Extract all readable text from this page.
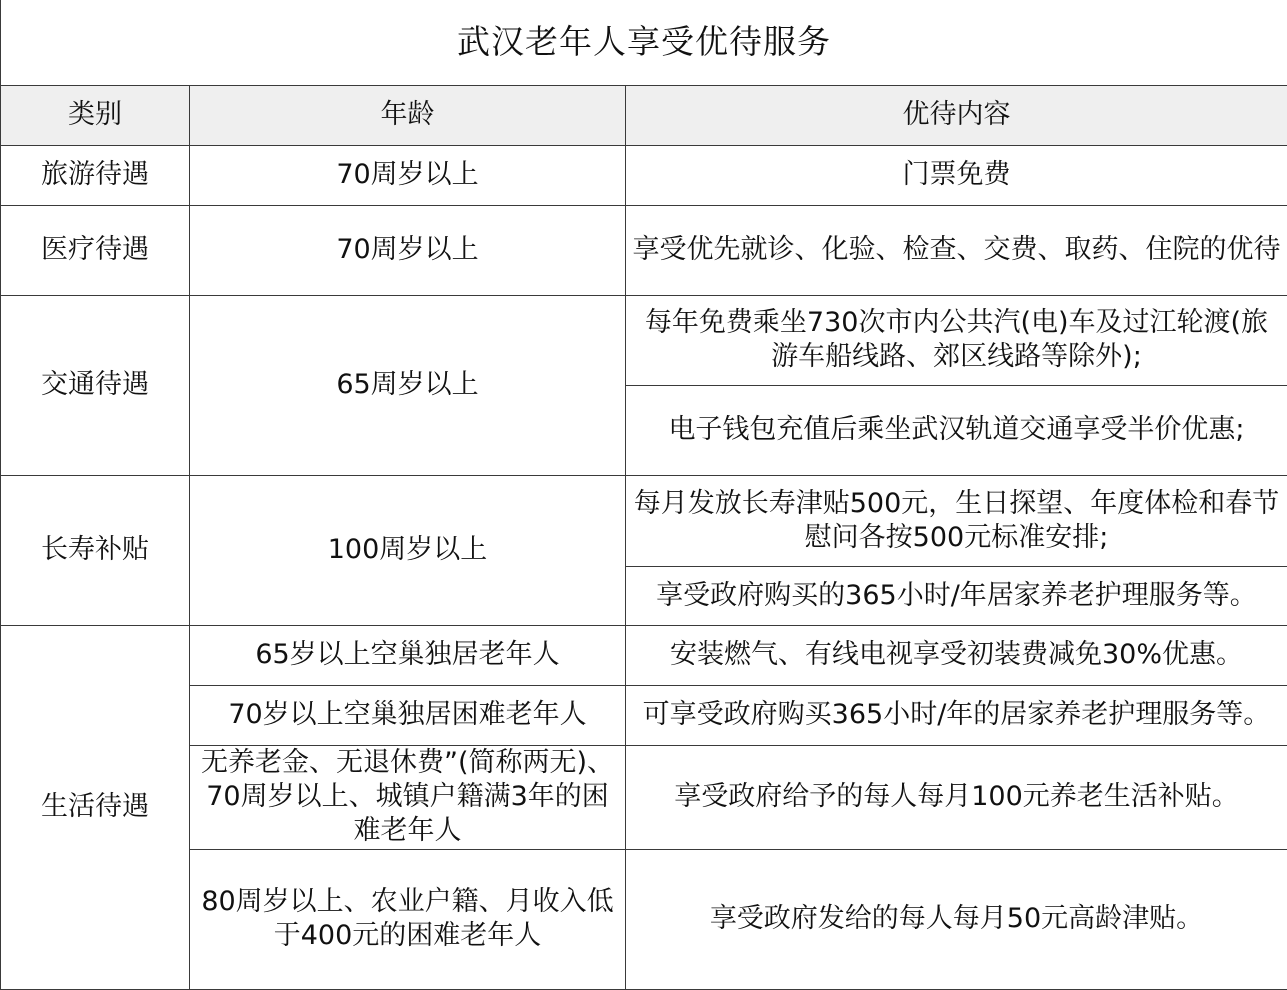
武汉老年人享受优待服务		
类别	年龄	优待内容
旅游待遇	70周岁以上	门票免费
医疗待遇	70周岁以上	享受优先就诊、化验、检查、交费、取药、住院的优待
交通待遇	65周岁以上	每年免费乘坐730次市内公共汽(电)车及过江轮渡(旅游车船线路、郊区线路等除外);
		电子钱包充值后乘坐武汉轨道交通享受半价优惠;
长寿补贴	100周岁以上	每月发放长寿津贴500元，生日探望、年度体检和春节慰问各按500元标准安排;
		享受政府购买的365小时/年居家养老护理服务等。
生活待遇	65岁以上空巢独居老年人	安装燃气、有线电视享受初装费减免30%优惠。
	70岁以上空巢独居困难老年人	可享受政府购买365小时/年的居家养老护理服务等。
	无养老金、无退休费”(简称两无)、70周岁以上、城镇户籍满3年的困难老年人	享受政府给予的每人每月100元养老生活补贴。
	80周岁以上、农业户籍、月收入低于400元的困难老年人	享受政府发给的每人每月50元高龄津贴。
